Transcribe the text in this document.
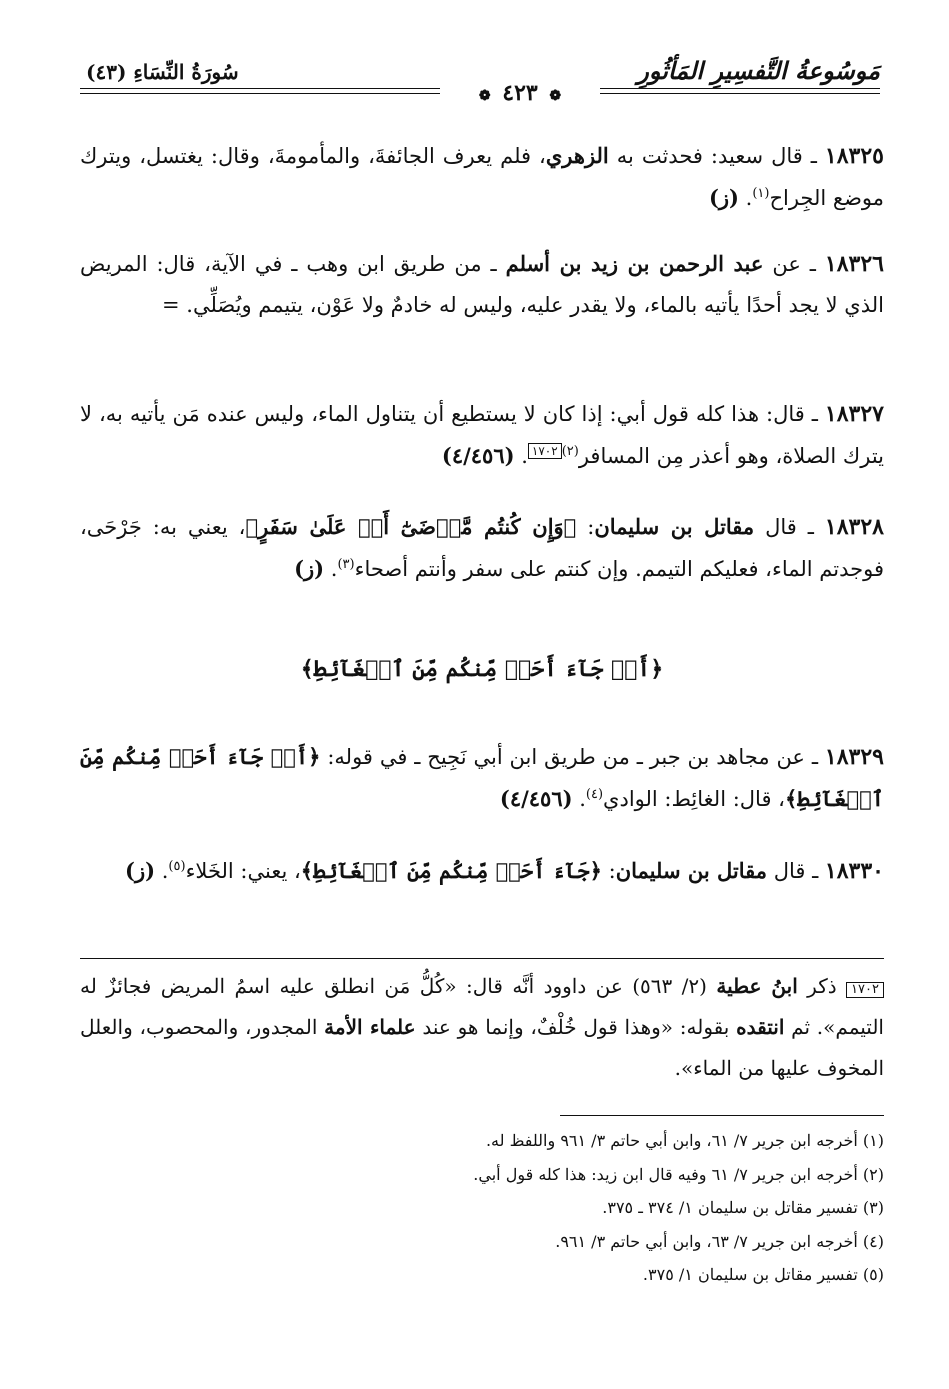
مَوسُوعةُ التَّفسِيرِ المَأثُورِ
سُورَةُ النِّسَاءِ (٤٣)
❁ ٤٢٣ ❁
١٨٣٢٥ ـ قال سعيد: فحدثت به الزهري، فلم يعرف الجائفةَ، والمأمومةَ، وقال: يغتسل، ويترك موضع الجِراح$^{(١)}$. (ز)
١٨٣٢٦ ـ عن عبد الرحمن بن زيد بن أسلم ـ من طريق ابن وهب ـ في الآية، قال: المريض الذي لا يجد أحدًا يأتيه بالماء، ولا يقدر عليه، وليس له خادمٌ ولا عَوْن، يتيمم ويُصَلِّي. =
١٨٣٢٧ ـ قال: هذا كله قول أبي: إذا كان لا يستطيع أن يتناول الماء، وليس عنده مَن يأتيه به، لا يترك الصلاة، وهو أعذر مِن المسافر$^{(٢)}$١٧٠٢. (٤/٤٥٦)
١٨٣٢٨ ـ قال مقاتل بن سليمان: ﴿وَإِن كُنتُم مَّرۡضَىٰٓ أَوۡ عَلَىٰ سَفَرٍ﴾، يعني به: جَرْحَى، فوجدتم الماء، فعليكم التيمم. وإن كنتم على سفر وأنتم أصحاء$^{(٣)}$. (ز)
﴿أَوۡ جَآءَ أَحَدٞ مِّنكُم مِّنَ ٱلۡغَآئِطِ﴾
١٨٣٢٩ ـ عن مجاهد بن جبر ـ من طريق ابن أبي نَجِيح ـ في قوله: ﴿أَوۡ جَآءَ أَحَدٞ مِّنكُم مِّنَ ٱلۡغَآئِطِ﴾، قال: الغائِط: الوادي$^{(٤)}$. (٤/٤٥٦)
١٨٣٣٠ ـ قال مقاتل بن سليمان: ﴿جَآءَ أَحَدٞ مِّنكُم مِّنَ ٱلۡغَآئِطِ﴾، يعني: الخَلاء$^{(٥)}$. (ز)
١٧٠٢ ذكر ابنُ عطية (٢/ ٥٦٣) عن داوود أنَّه قال: «كُلُّ مَن انطلق عليه اسمُ المريض فجائزٌ له التيمم». ثم انتقده بقوله: «وهذا قول خُلْفٌ، وإنما هو عند علماء الأمة المجدور، والمحصوب، والعلل المخوف عليها من الماء».
(١) أخرجه ابن جرير ٧/ ٦١، وابن أبي حاتم ٣/ ٩٦١ واللفظ له.
(٢) أخرجه ابن جرير ٧/ ٦١ وفيه قال ابن زيد: هذا كله قول أبي.
(٣) تفسير مقاتل بن سليمان ١/ ٣٧٤ ـ ٣٧٥.
(٤) أخرجه ابن جرير ٧/ ٦٣، وابن أبي حاتم ٣/ ٩٦١.
(٥) تفسير مقاتل بن سليمان ١/ ٣٧٥.
